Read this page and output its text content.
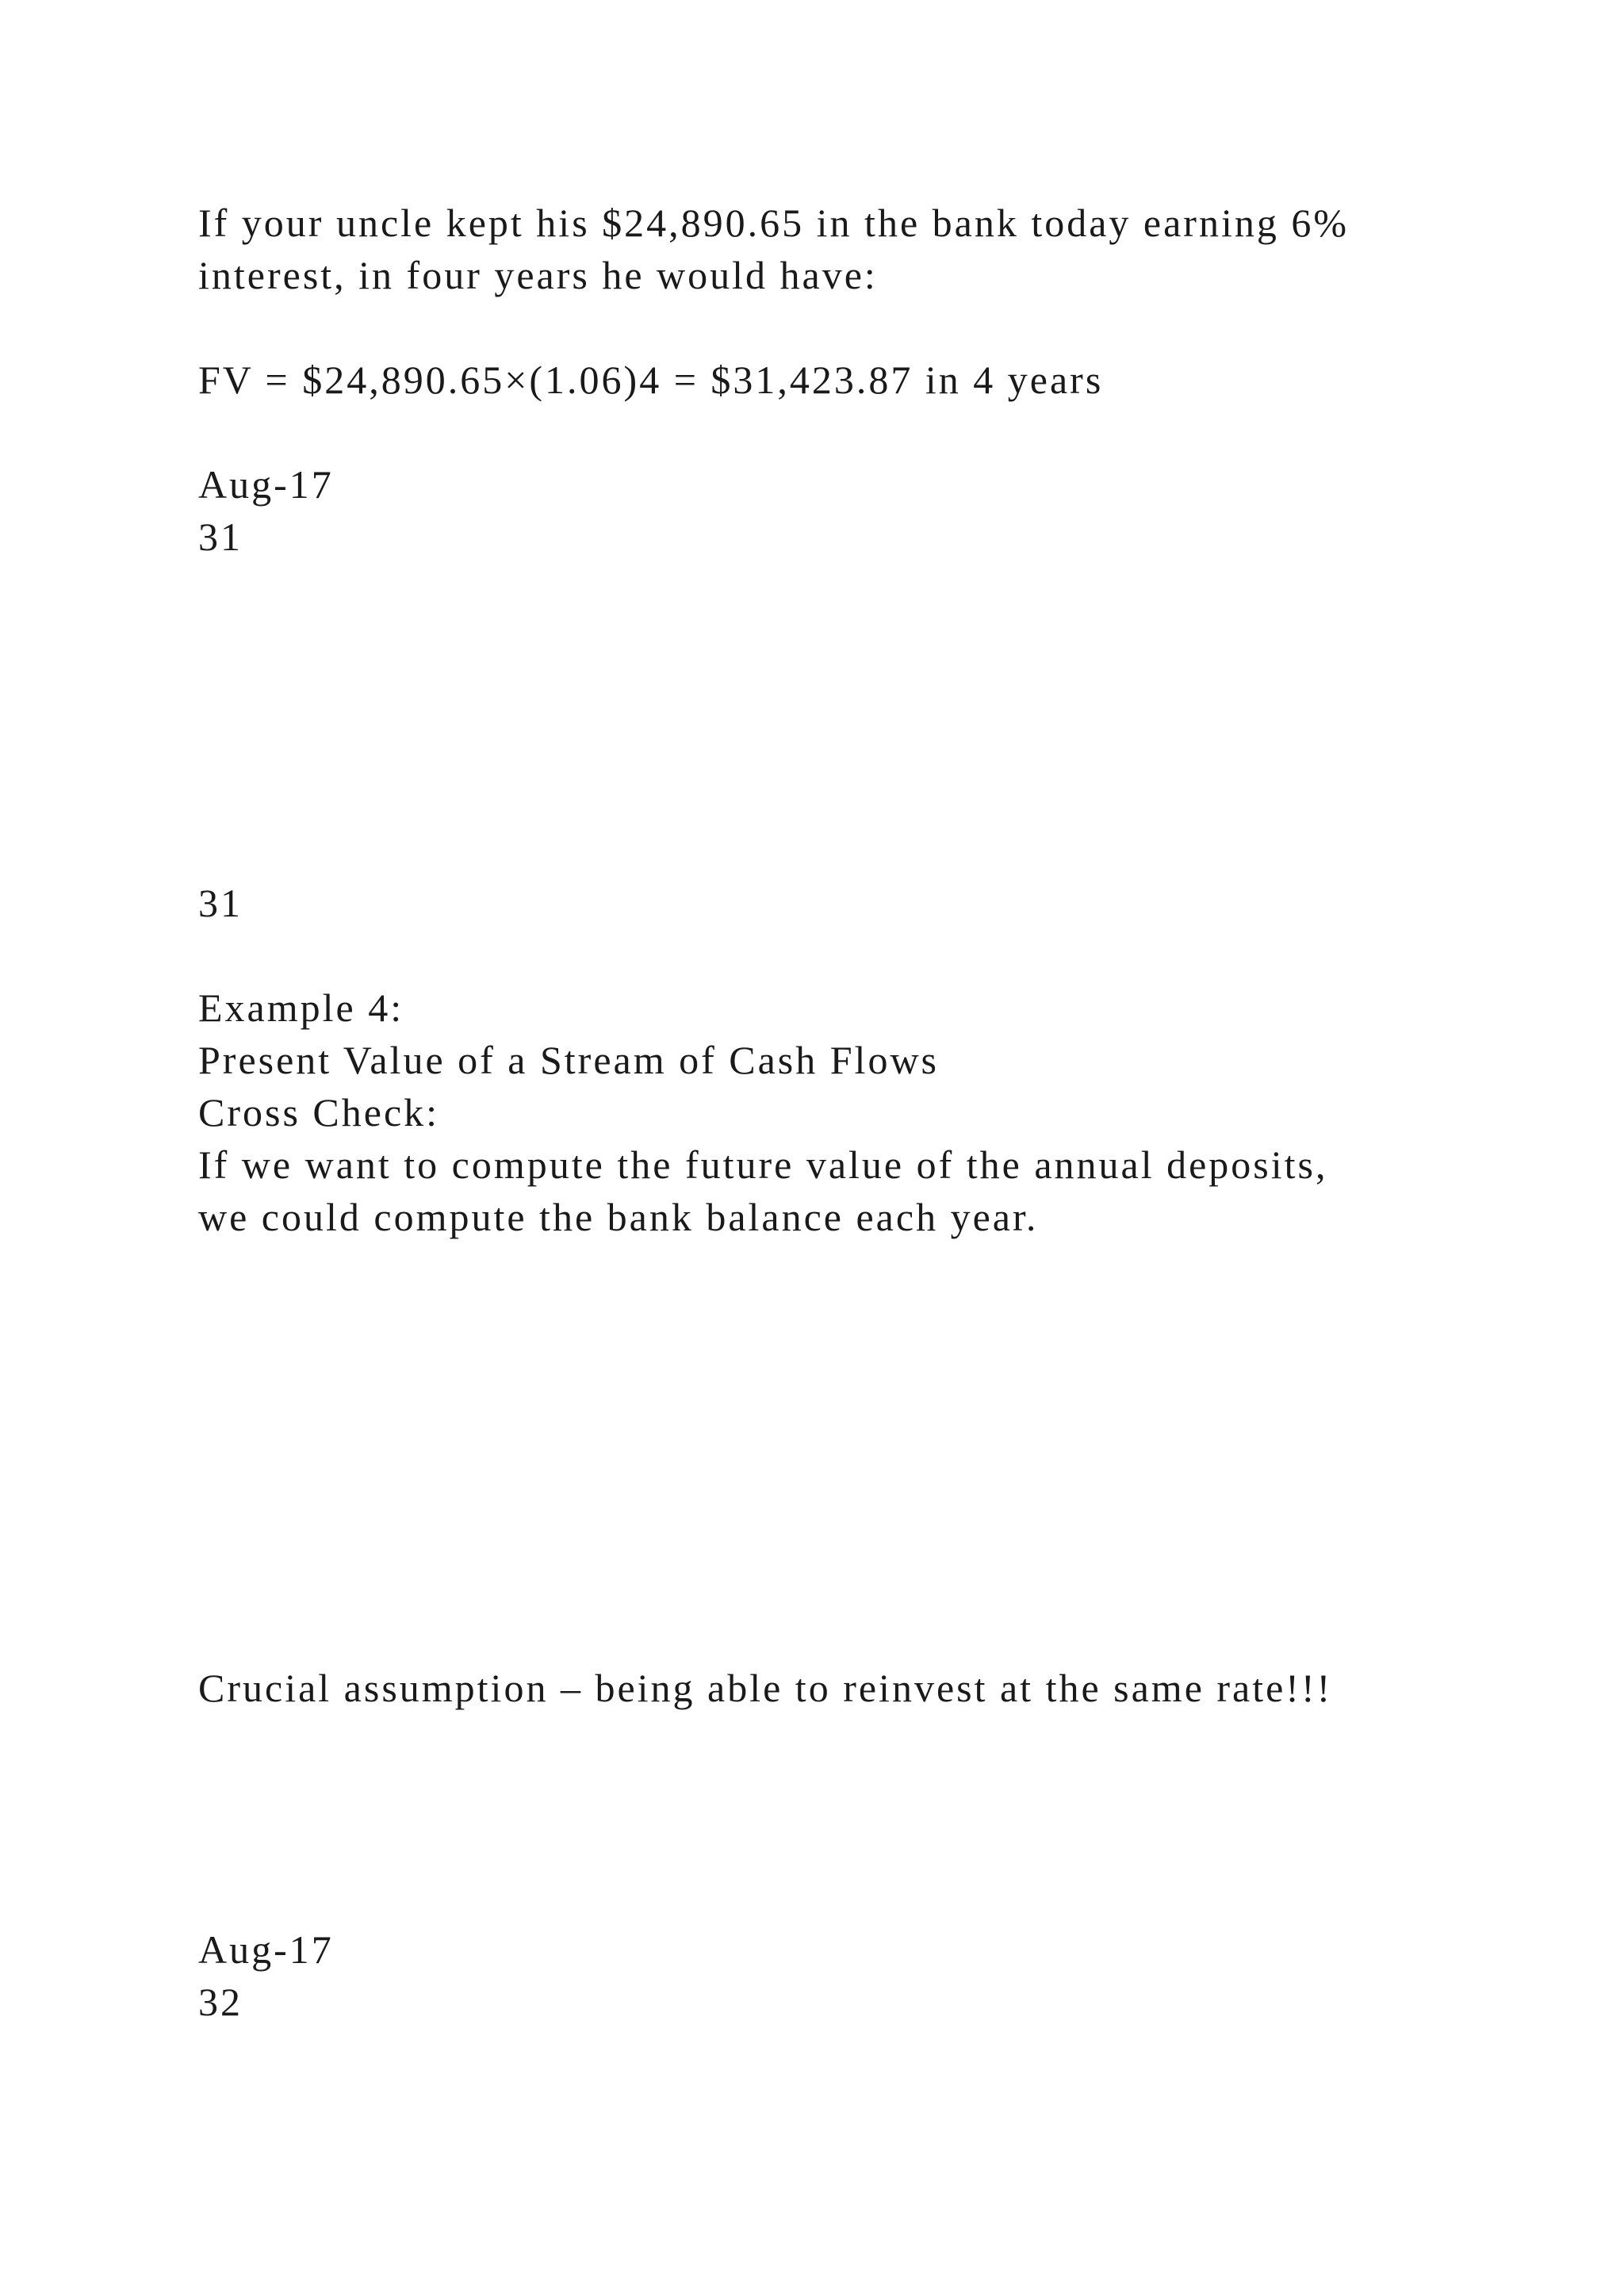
If your uncle kept his $24,890.65 in the bank today earning 6%

interest, in four years he would have:

FV = $24,890.65×(1.06)4 = $31,423.87 in 4 years

Aug-17

31

31

Example 4:

Present Value of a Stream of Cash Flows

Cross Check:

If we want to compute the future value of the annual deposits,

we could compute the bank balance each year.

Crucial assumption – being able to reinvest at the same rate!!!

Aug-17

32
